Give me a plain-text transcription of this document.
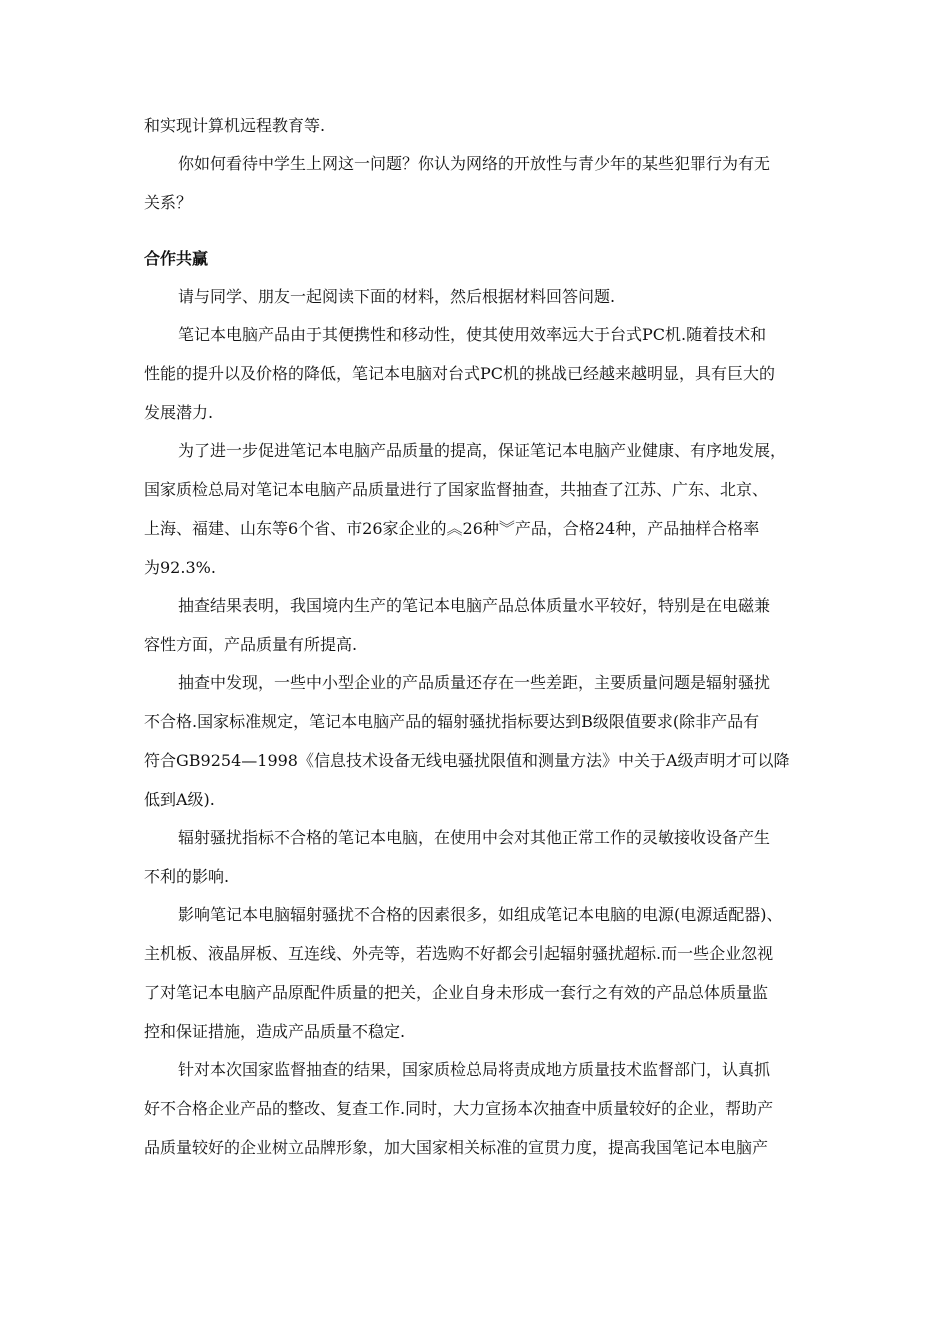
和实现计算机远程教育等.

你如何看待中学生上网这一问题？你认为网络的开放性与青少年的某些犯罪行为有无

关系？

合作共赢

请与同学、朋友一起阅读下面的材料，然后根据材料回答问题.

笔记本电脑产品由于其便携性和移动性，使其使用效率远大于台式PC机.随着技术和

性能的提升以及价格的降低，笔记本电脑对台式PC机的挑战已经越来越明显，具有巨大的

发展潜力.

为了进一步促进笔记本电脑产品质量的提高，保证笔记本电脑产业健康、有序地发展，

国家质检总局对笔记本电脑产品质量进行了国家监督抽查，共抽查了江苏、广东、北京、

上海、福建、山东等6个省、市26家企业的︽26种︾产品，合格24种，产品抽样合格率

为92.3%.

抽查结果表明，我国境内生产的笔记本电脑产品总体质量水平较好，特别是在电磁兼

容性方面，产品质量有所提高.

抽查中发现，一些中小型企业的产品质量还存在一些差距，主要质量问题是辐射骚扰

不合格.国家标准规定，笔记本电脑产品的辐射骚扰指标要达到B级限值要求(除非产品有

符合GB9254—1998《信息技术设备无线电骚扰限值和测量方法》中关于A级声明才可以降

低到A级).

辐射骚扰指标不合格的笔记本电脑，在使用中会对其他正常工作的灵敏接收设备产生

不利的影响.

影响笔记本电脑辐射骚扰不合格的因素很多，如组成笔记本电脑的电源(电源适配器)、

主机板、液晶屏板、互连线、外壳等，若选购不好都会引起辐射骚扰超标.而一些企业忽视

了对笔记本电脑产品原配件质量的把关，企业自身未形成一套行之有效的产品总体质量监

控和保证措施，造成产品质量不稳定.

针对本次国家监督抽查的结果，国家质检总局将责成地方质量技术监督部门，认真抓

好不合格企业产品的整改、复查工作.同时，大力宣扬本次抽查中质量较好的企业，帮助产

品质量较好的企业树立品牌形象，加大国家相关标准的宣贯力度，提高我国笔记本电脑产
